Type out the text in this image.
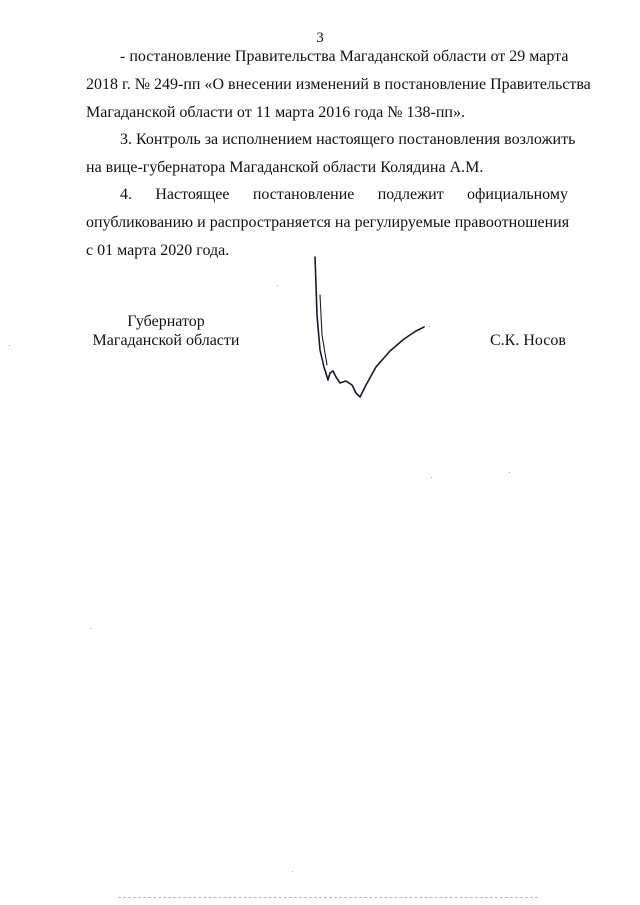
3
- постановление Правительства Магаданской области от 29 марта
2018 г. № 249-пп «О внесении изменений в постановление Правительства
Магаданской области от 11 марта 2016 года № 138-пп».
3. Контроль за исполнением настоящего постановления возложить
на вице-губернатора Магаданской области Колядина А.М.
4. Настоящее постановление подлежит официальному
опубликованию и распространяется на регулируемые правоотношения
с 01 марта 2020 года.
Губернатор
Магаданской области	С.К. Носов
